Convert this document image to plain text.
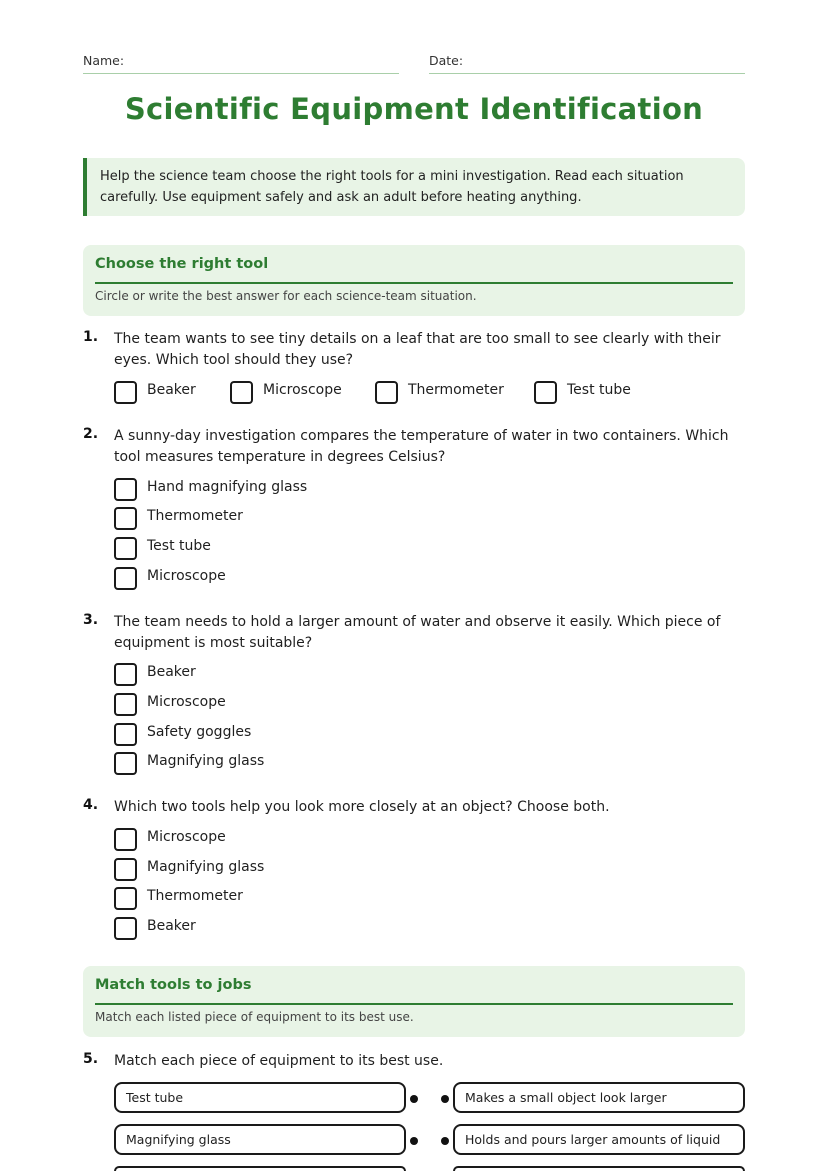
Name:	Date:
Scientific Equipment Identification

Help the science team choose the right tools for a mini investigation. Read each situation carefully. Use equipment safely and ask an adult before heating anything.

Choose the right tool
Circle or write the best answer for each science-team situation.
1. The team wants to see tiny details on a leaf that are too small to see clearly with their eyes. Which tool should they use?
Beaker	Microscope	Thermometer	Test tube
2. A sunny-day investigation compares the temperature of water in two containers. Which tool measures temperature in degrees Celsius?
Hand magnifying glass
Thermometer
Test tube
Microscope
3. The team needs to hold a larger amount of water and observe it easily. Which piece of equipment is most suitable?
Beaker
Microscope
Safety goggles
Magnifying glass
4. Which two tools help you look more closely at an object? Choose both.
Microscope
Magnifying glass
Thermometer
Beaker
Match tools to jobs
Match each listed piece of equipment to its best use.
5. Match each piece of equipment to its best use.
Test tube	Makes a small object look larger
Magnifying glass	Holds and pours larger amounts of liquid
